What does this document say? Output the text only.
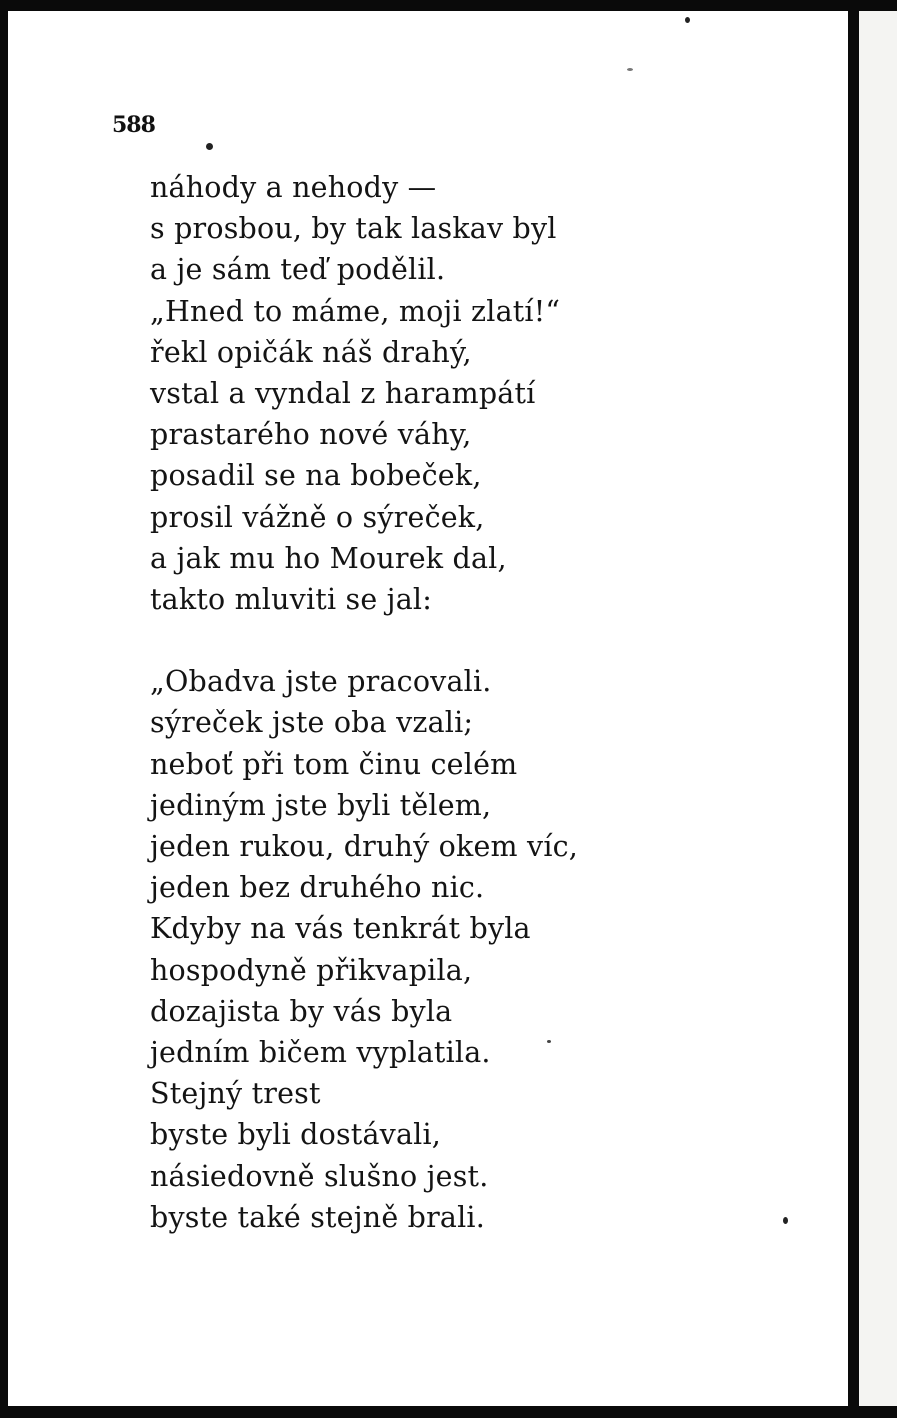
588

náhody a nehody —
s prosbou, by tak laskav byl
a je sám teď podělil.
„Hned to máme, moji zlatí!“
řekl opičák náš drahý,
vstal a vyndal z harampátí
prastarého nové váhy,
posadil se na bobeček,
prosil vážně o sýreček,
a jak mu ho Mourek dal,
takto mluviti se jal:
„Obadva jste pracovali.
sýreček jste oba vzali;
neboť při tom činu celém
jediným jste byli tělem,
jeden rukou, druhý okem víc,
jeden bez druhého nic.
Kdyby na vás tenkrát byla
hospodyně přikvapila,
dozajista by vás byla
jedním bičem vyplatila.
Stejný trest
byste byli dostávali,
násiedovně slušno jest.
byste také stejně brali.
